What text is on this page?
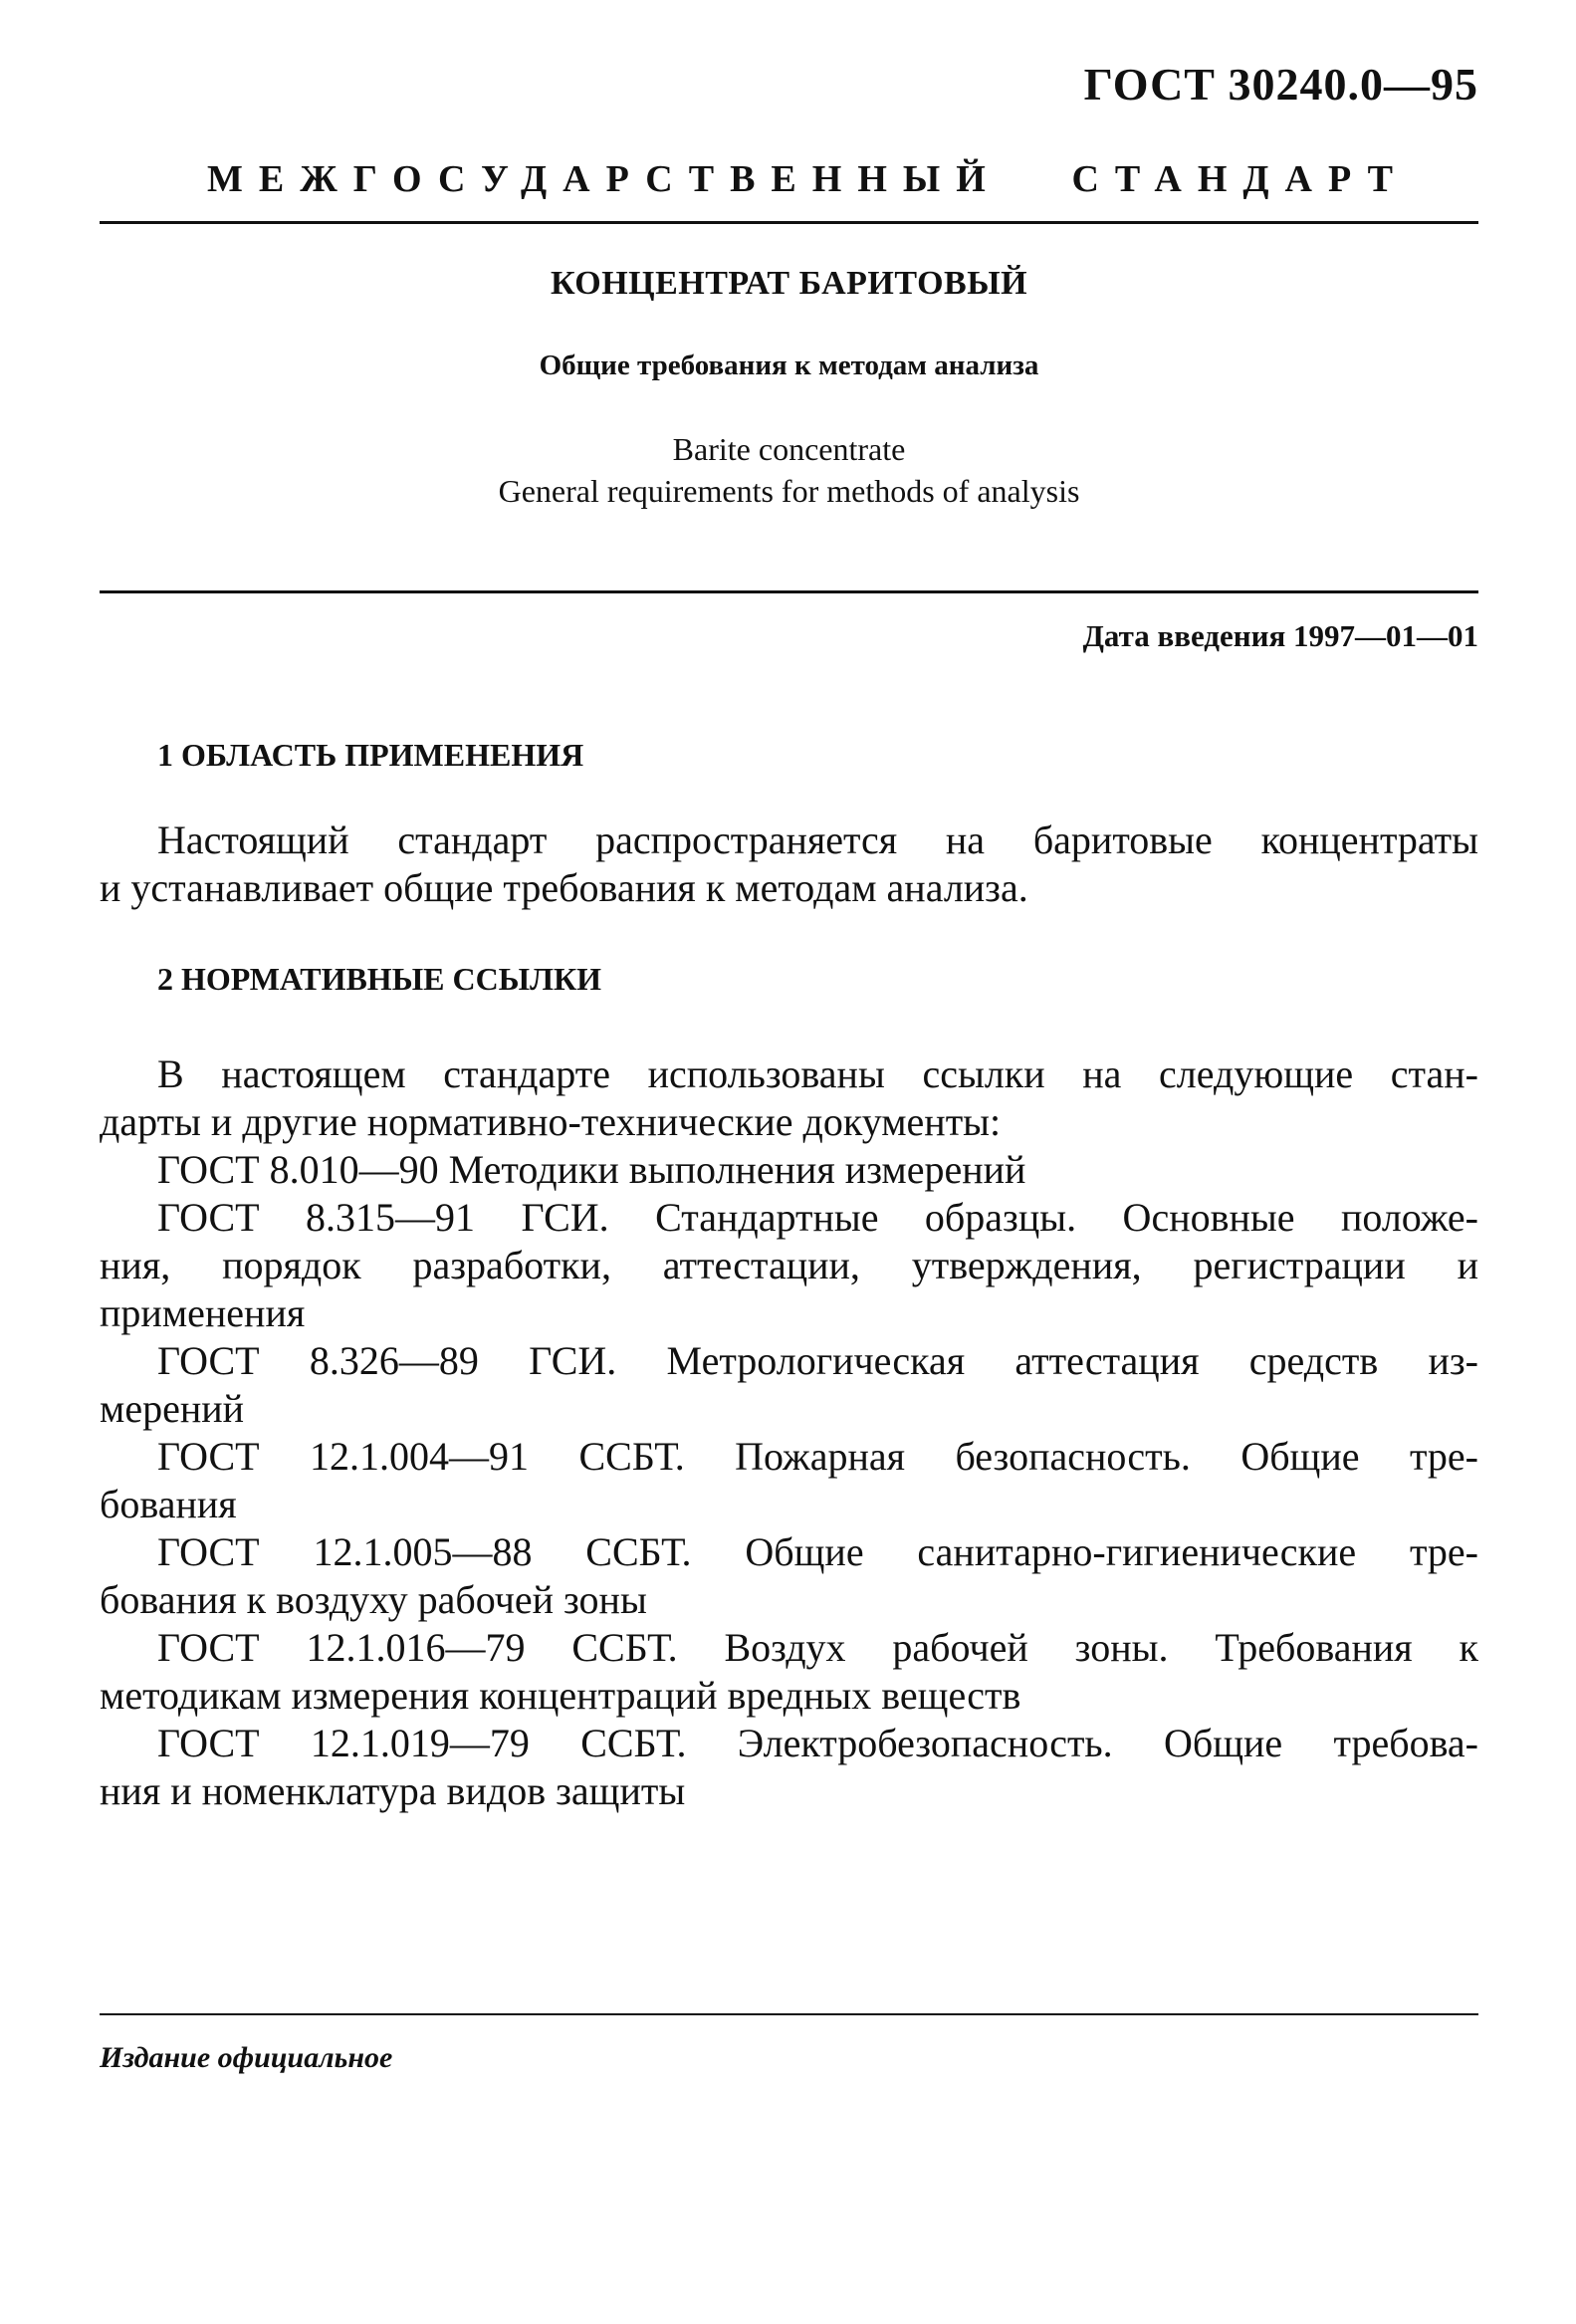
ГОСТ 30240.0—95
МЕЖГОСУДАРСТВЕННЫЙ СТАНДАРТ
КОНЦЕНТРАТ БАРИТОВЫЙ
Общие требования к методам анализа
Barite concentrate
General requirements for methods of analysis
Дата введения 1997—01—01
1 ОБЛАСТЬ ПРИМЕНЕНИЯ
Настоящий стандарт распространяется на баритовые концентраты
и устанавливает общие требования к методам анализа.
2 НОРМАТИВНЫЕ ССЫЛКИ
В настоящем стандарте использованы ссылки на следующие стан-
дарты и другие нормативно-технические документы:
ГОСТ 8.010—90 Методики выполнения измерений
ГОСТ 8.315—91 ГСИ. Стандартные образцы. Основные положе-
ния, порядок разработки, аттестации, утверждения, регистрации и
применения
ГОСТ 8.326—89 ГСИ. Метрологическая аттестация средств из-
мерений
ГОСТ 12.1.004—91 ССБТ. Пожарная безопасность. Общие тре-
бования
ГОСТ 12.1.005—88 ССБТ. Общие санитарно-гигиенические тре-
бования к воздуху рабочей зоны
ГОСТ 12.1.016—79 ССБТ. Воздух рабочей зоны. Требования к
методикам измерения концентраций вредных веществ
ГОСТ 12.1.019—79 ССБТ. Электробезопасность. Общие требова-
ния и номенклатура видов защиты
Издание официальное
